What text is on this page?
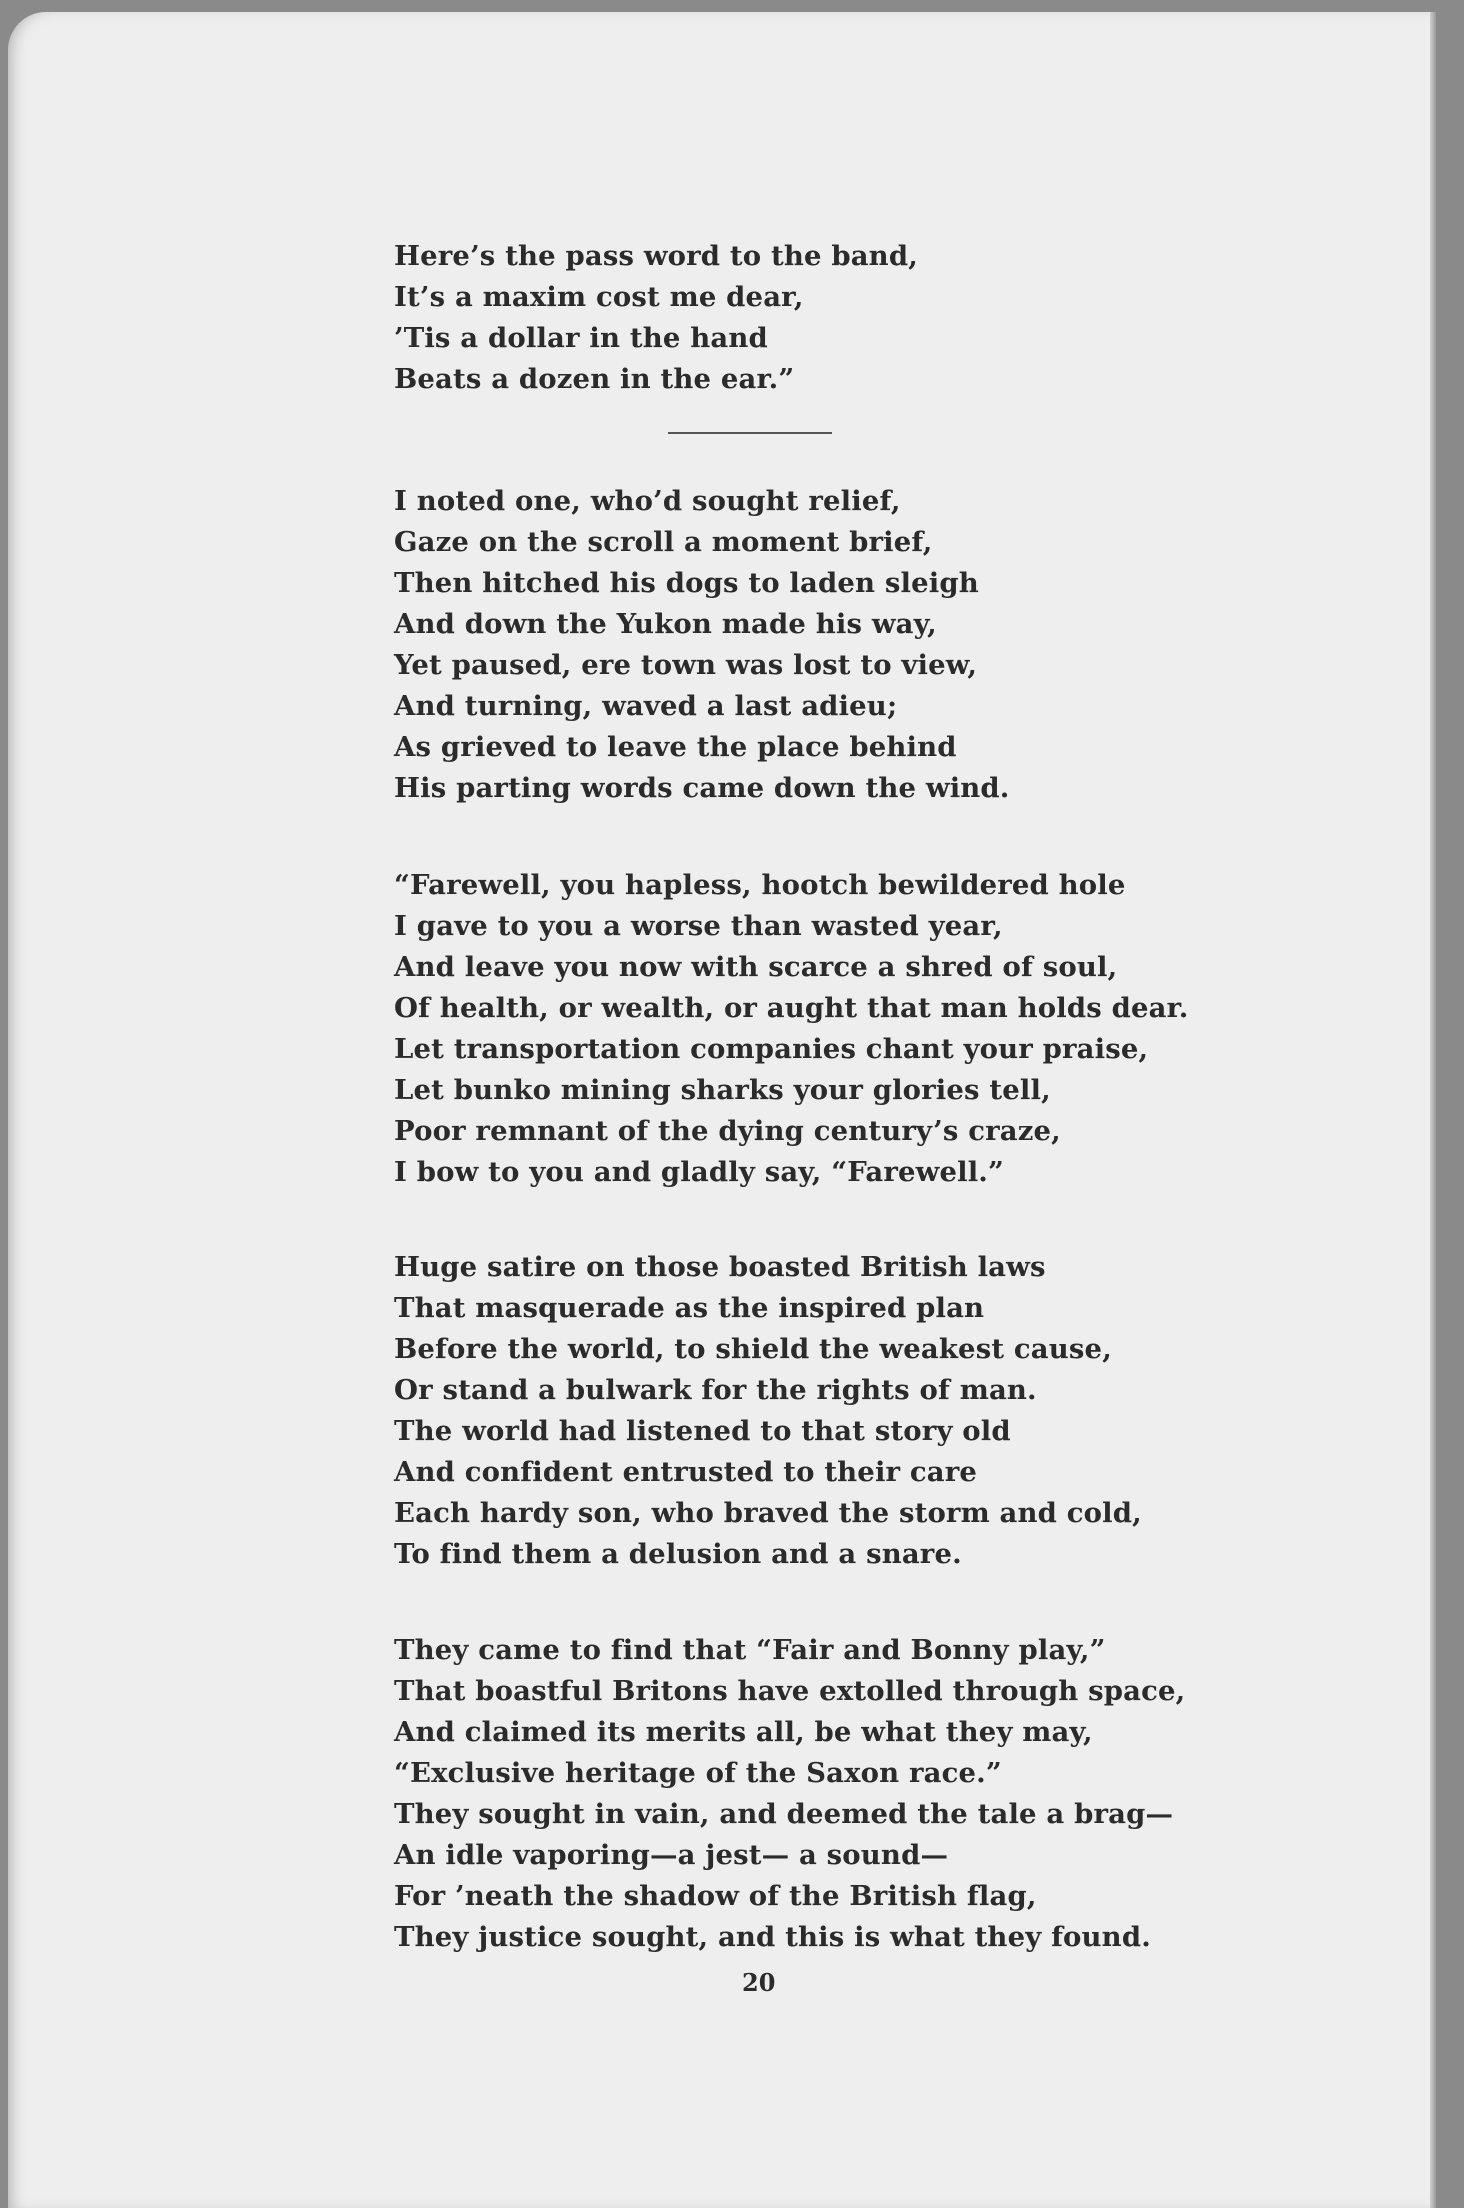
Here’s the pass word to the band,
It’s a maxim cost me dear,
’Tis a dollar in the hand
Beats a dozen in the ear.”
I noted one, who’d sought relief,
Gaze on the scroll a moment brief,
Then hitched his dogs to laden sleigh
And down the Yukon made his way,
Yet paused, ere town was lost to view,
And turning, waved a last adieu;
As grieved to leave the place behind
His parting words came down the wind.
“Farewell, you hapless, hootch bewildered hole
I gave to you a worse than wasted year,
And leave you now with scarce a shred of soul,
Of health, or wealth, or aught that man holds dear.
Let transportation companies chant your praise,
Let bunko mining sharks your glories tell,
Poor remnant of the dying century’s craze,
I bow to you and gladly say, “Farewell.”
Huge satire on those boasted British laws
That masquerade as the inspired plan
Before the world, to shield the weakest cause,
Or stand a bulwark for the rights of man.
The world had listened to that story old
And confident entrusted to their care
Each hardy son, who braved the storm and cold,
To find them a delusion and a snare.
They came to find that “Fair and Bonny play,”
That boastful Britons have extolled through space,
And claimed its merits all, be what they may,
“Exclusive heritage of the Saxon race.”
They sought in vain, and deemed the tale a brag—
An idle vaporing—a jest— a sound—
For ’neath the shadow of the British flag,
They justice sought, and this is what they found.
20
